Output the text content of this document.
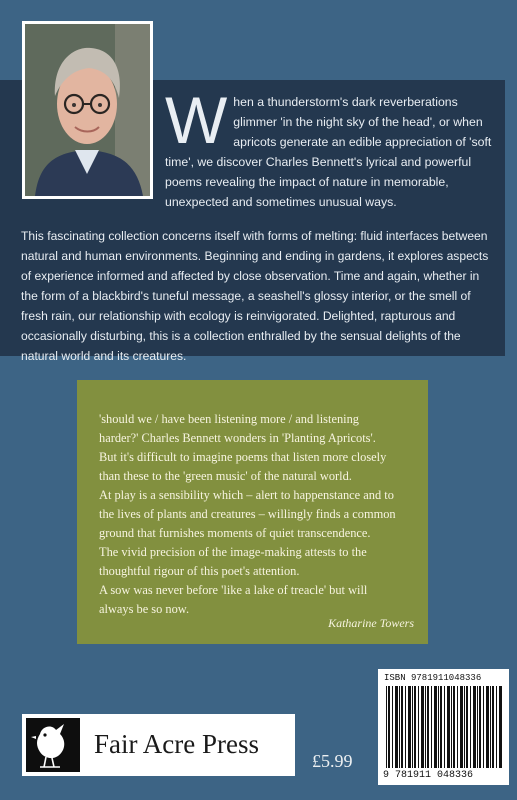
W hen a thunderstorm's dark reverberations glimmer 'in the night sky of the head', or when apricots generate an edible appreciation of 'soft time', we discover Charles Bennett's lyrical and powerful poems revealing the impact of nature in memorable, unexpected and sometimes unusual ways.

This fascinating collection concerns itself with forms of melting: fluid interfaces between natural and human environments. Beginning and ending in gardens, it explores aspects of experience informed and affected by close observation. Time and again, whether in the form of a blackbird's tuneful message, a seashell's glossy interior, or the smell of fresh rain, our relationship with ecology is reinvigorated. Delighted, rapturous and occasionally disturbing, this is a collection enthralled by the sensual delights of the natural world and its creatures.

'should we / have been listening more / and listening
harder?' Charles Bennett wonders in 'Planting Apricots'.
But it's difficult to imagine poems that listen more closely
than these to the 'green music' of the natural world.
At play is a sensibility which – alert to happenstance and to
the lives of plants and creatures – willingly finds a common
ground that furnishes moments of quiet transcendence.
The vivid precision of the image-making attests to the
thoughtful rigour of this poet's attention.
A sow was never before 'like a lake of treacle' but will
always be so now.
Katharine Towers
Fair Acre Press
£5.99
ISBN 9781911048336
9 781911 048336
